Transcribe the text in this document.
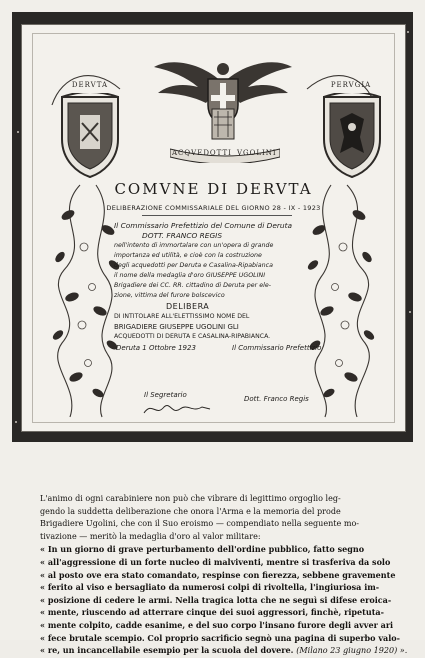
DERVTA	PERVGIA
ACQVEDOTTI VGOLINI
COMVNE DI DERVTA
DELIBERAZIONE COMMISSARIALE DEL GIORNO 28 - IX - 1923
Il Commissario Prefettizio del Comune di Deruta
DOTT. FRANCO REGIS
nell'intento di immortalare con un'opera di grande
importanza ed utilità, e cioè con la costruzione
degli acquedotti per Deruta e Casalina-Ripabianca
il nome della medaglia d'oro GIUSEPPE UGOLINI
Brigadiere dei CC. RR. cittadino di Deruta per ele-
zione, vittima del furore bolscevico
DELIBERA
DI INTITOLARE ALL'ELETTISSIMO NOME DEL
BRIGADIERE GIUSEPPE UGOLINI GLI
ACQUEDOTTI DI DERUTA E CASALINA-RIPABIANCA.
Deruta 1 Ottobre 1923	Il Commissario Prefettizio
Il Segretario	Dott. Franco Regis
L'animo di ogni carabiniere non può che vibrare di legittimo orgoglio leg-
gendo la suddetta deliberazione che onora l'Arma e la memoria del prode
Brigadiere Ugolini, che con il Suo eroismo — compendiato nella seguente mo-
tivazione — meritò la medaglia d'oro al valor militare:
« In un giorno di grave perturbamento dell'ordine pubblico, fatto segno
« all'aggressione di un forte nucleo di malviventi, mentre si trasferiva da solo
« al posto ove era stato comandato, respinse con fierezza, sebbene gravemente
« ferito al viso e bersagliato da numerosi colpi di rivoltella, l'ingiuriosa im-
« posizione di cedere le armi. Nella tragica lotta che ne seguì si difese eroica-
« mente, riuscendo ad atterrare cinque dei suoi aggressori, finchè, ripetuta-
« mente colpito, cadde esanime, e del suo corpo l'insano furore degli avver ari
« fece brutale scempio. Col proprio sacrificio segnò una pagina di superbo valo-
« re, un incancellabile esempio per la scuola del dovere. (Milano 23 giugno 1920) ».
